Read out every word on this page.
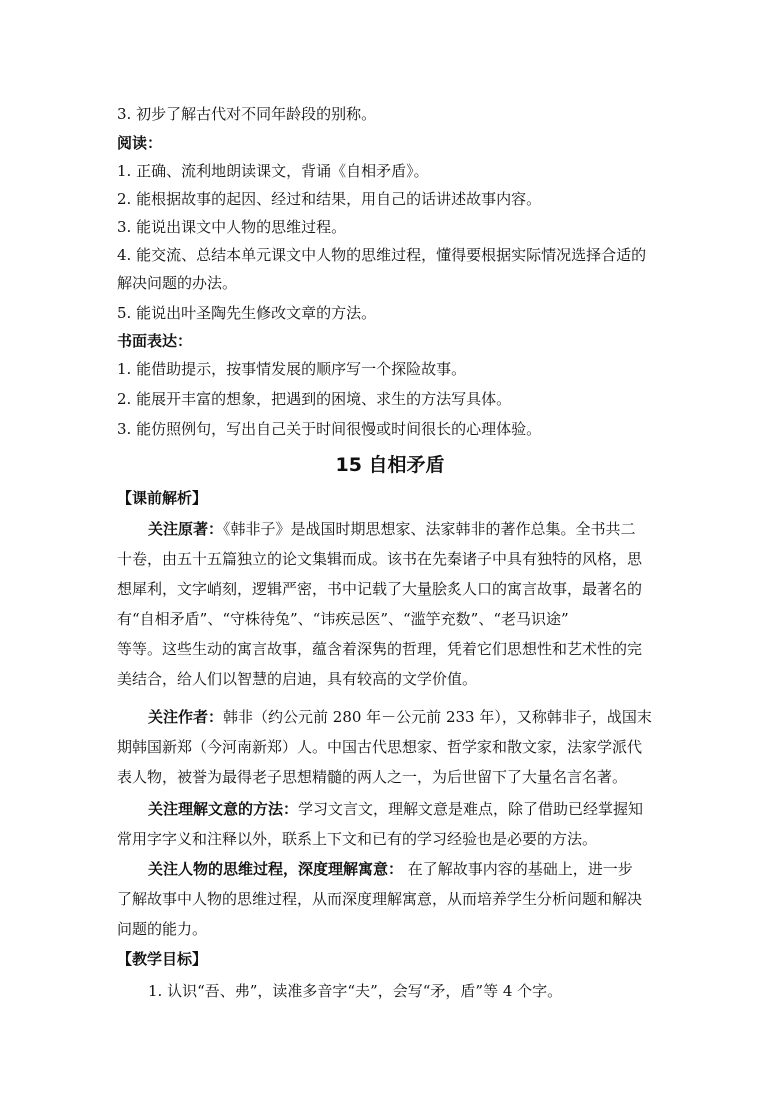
3. 初步了解古代对不同年龄段的别称。
阅读：
1. 正确、流利地朗读课文，背诵《自相矛盾》。
2. 能根据故事的起因、经过和结果，用自己的话讲述故事内容。
3. 能说出课文中人物的思维过程。
4. 能交流、总结本单元课文中人物的思维过程，懂得要根据实际情况选择合适的
解决问题的办法。
5. 能说出叶圣陶先生修改文章的方法。
书面表达：
1. 能借助提示，按事情发展的顺序写一个探险故事。
2. 能展开丰富的想象，把遇到的困境、求生的方法写具体。
3. 能仿照例句，写出自己关于时间很慢或时间很长的心理体验。
15 自相矛盾
【课前解析】
关注原著：《韩非子》是战国时期思想家、法家韩非的著作总集。全书共二
十卷，由五十五篇独立的论文集辑而成。该书在先秦诸子中具有独特的风格，思
想犀利，文字峭刻，逻辑严密，书中记载了大量脍炙人口的寓言故事，最著名的
有“自相矛盾”、“守株待兔”、“讳疾忌医”、“滥竽充数”、“老马识途”
等等。这些生动的寓言故事，蕴含着深隽的哲理，凭着它们思想性和艺术性的完
美结合，给人们以智慧的启迪，具有较高的文学价值。
关注作者：韩非（约公元前 280 年－公元前 233 年），又称韩非子，战国末
期韩国新郑（今河南新郑）人。中国古代思想家、哲学家和散文家，法家学派代
表人物，被誉为最得老子思想精髓的两人之一，为后世留下了大量名言名著。
关注理解文意的方法：学习文言文，理解文意是难点，除了借助已经掌握知
常用字字义和注释以外，联系上下文和已有的学习经验也是必要的方法。
关注人物的思维过程，深度理解寓意： 在了解故事内容的基础上，进一步
了解故事中人物的思维过程，从而深度理解寓意，从而培养学生分析问题和解决
问题的能力。
【教学目标】
1. 认识“吾、弗”，读准多音字“夫”，会写“矛，盾”等 4 个字。
